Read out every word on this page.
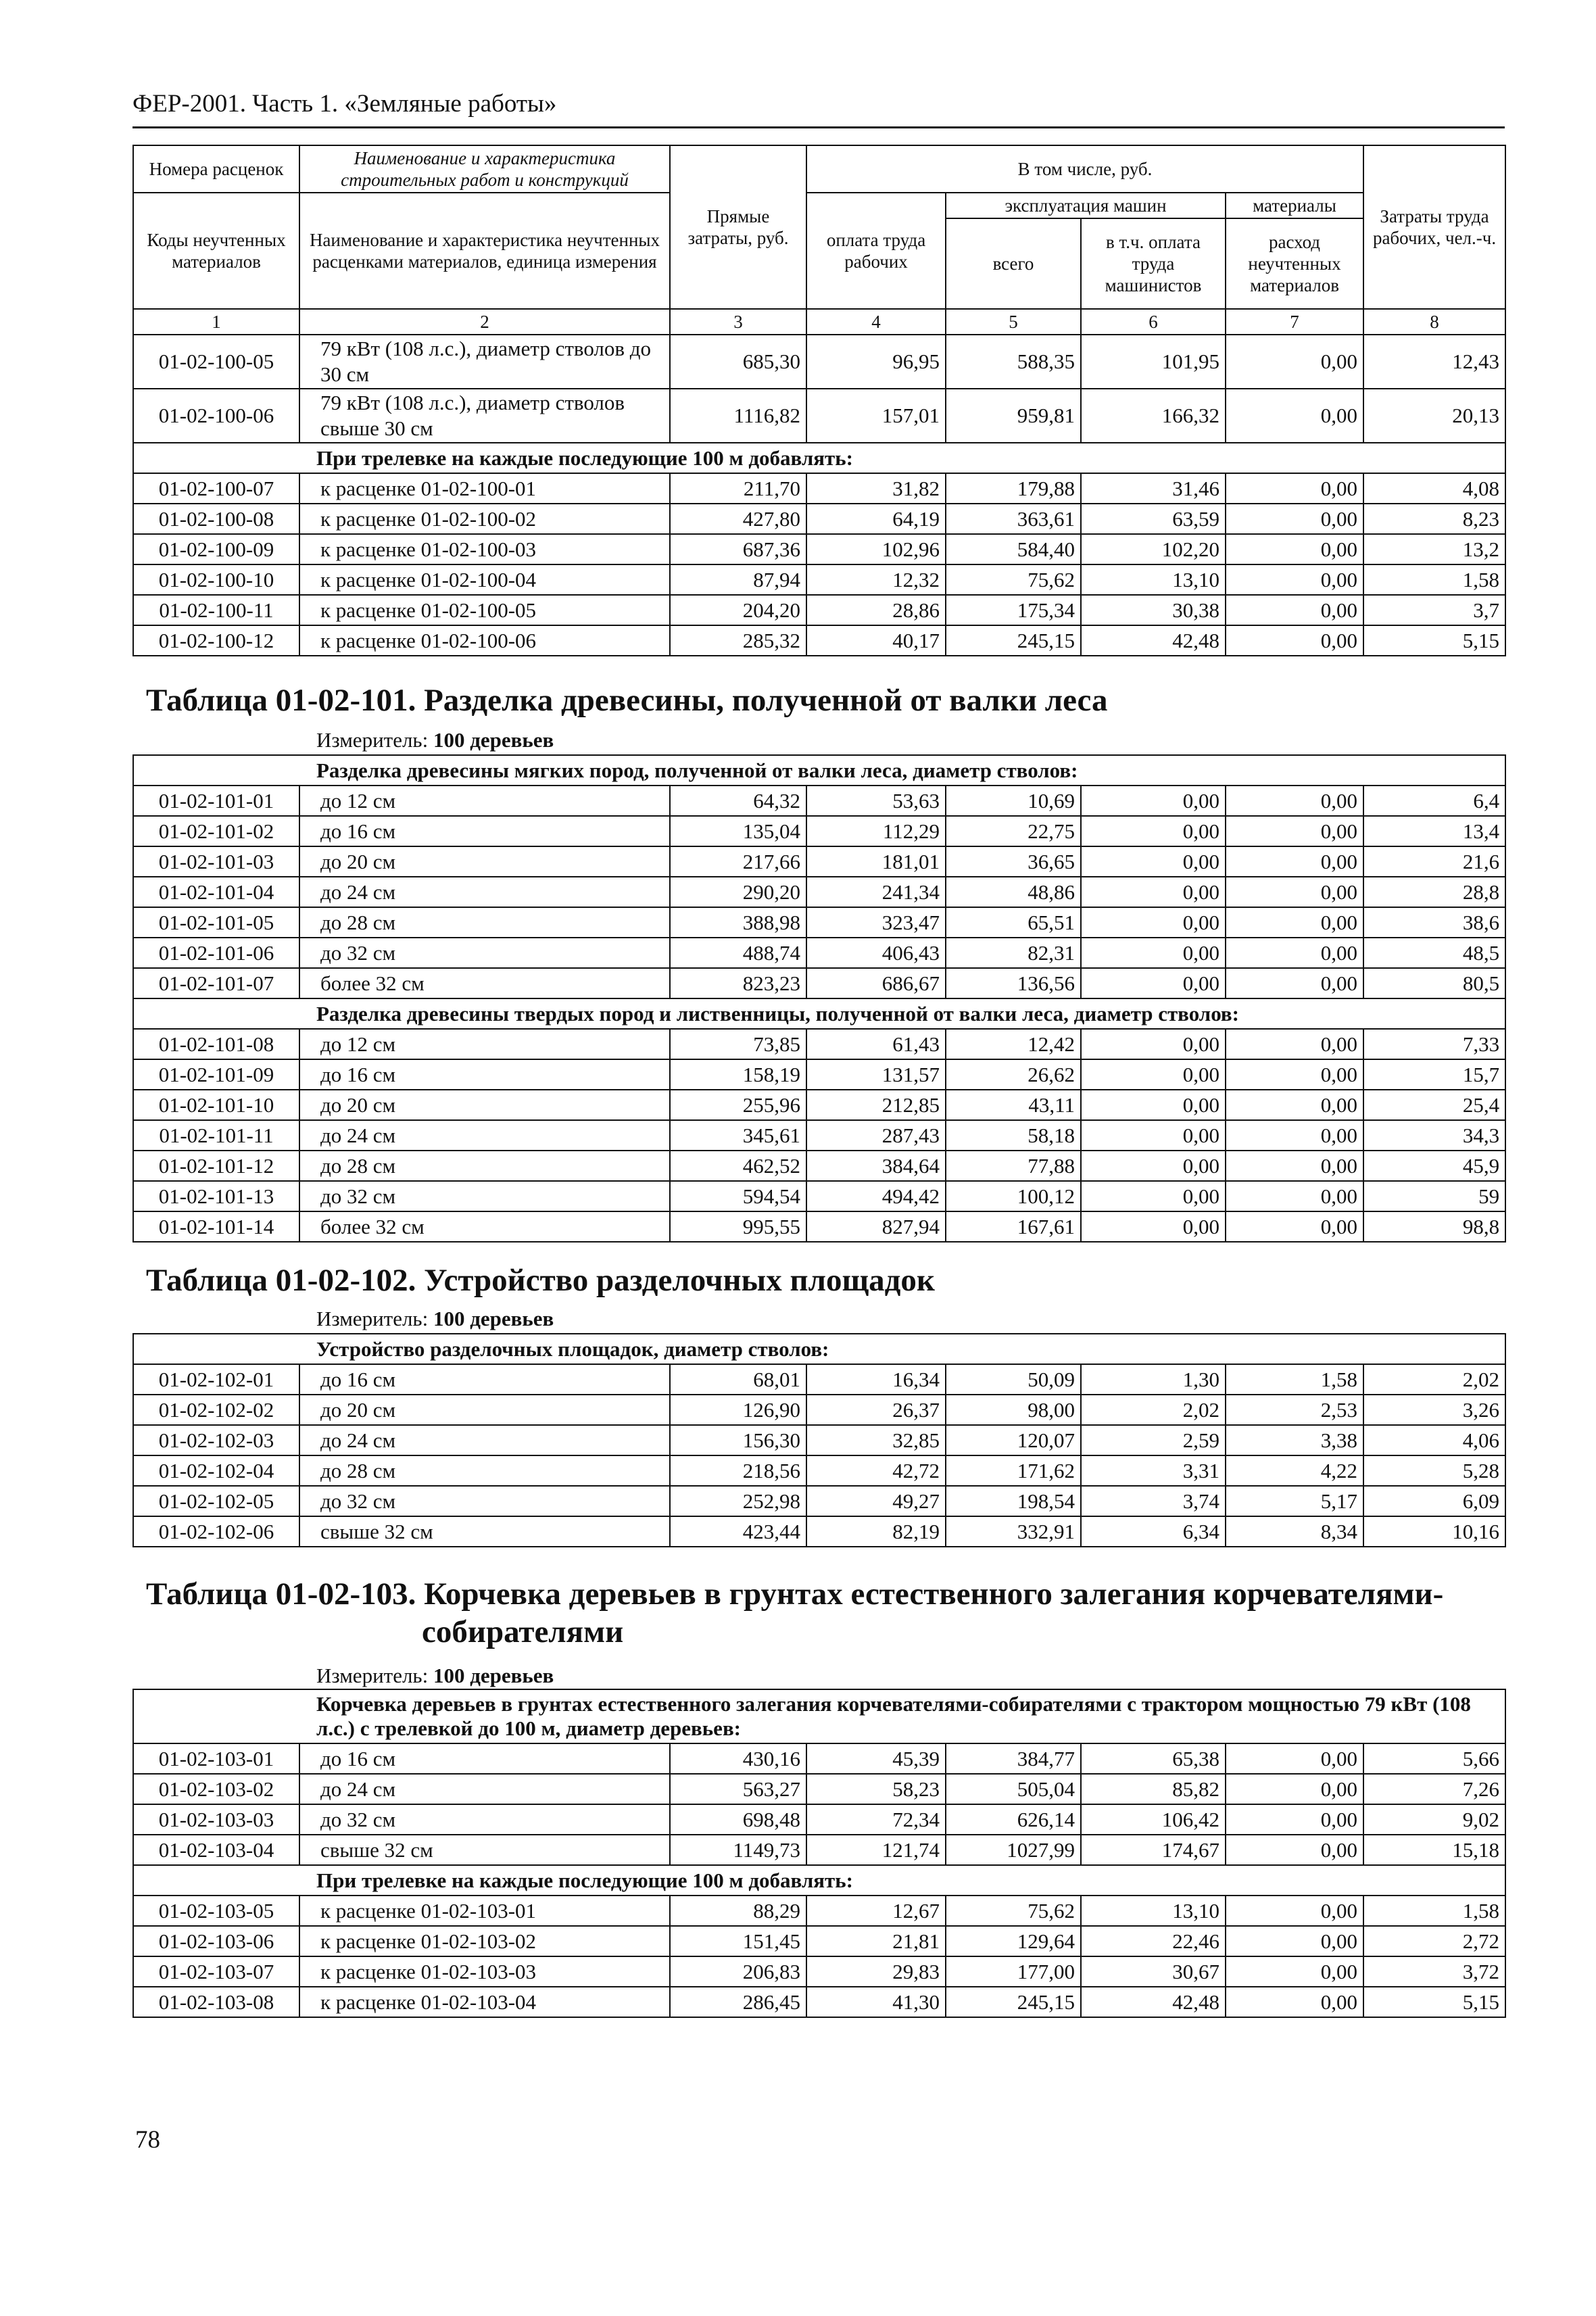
ФЕР-2001. Часть 1. «Земляные работы»
Номера расценок	Наименование и характеристика строительных работ и конструкций	Прямые затраты, руб.	В том числе, руб.				Затраты труда рабочих, чел.-ч.
Коды неучтенных материалов	Наименование и характеристика неучтенных расценками материалов, единица измерения		оплата труда рабочих	эксплуатация машин		материалы	
				всего	в т.ч. оплата труда машинистов	расход неучтенных материалов	
1	2	3	4	5	6	7	8
01-02-100-05	79 кВт (108 л.с.), диаметр стволов до 30 см	685,30	96,95	588,35	101,95	0,00	12,43
01-02-100-06	79 кВт (108 л.с.), диаметр стволов свыше 30 см	1116,82	157,01	959,81	166,32	0,00	20,13
При трелевке на каждые последующие 100 м добавлять:							
01-02-100-07	к расценке 01-02-100-01	211,70	31,82	179,88	31,46	0,00	4,08
01-02-100-08	к расценке 01-02-100-02	427,80	64,19	363,61	63,59	0,00	8,23
01-02-100-09	к расценке 01-02-100-03	687,36	102,96	584,40	102,20	0,00	13,2
01-02-100-10	к расценке 01-02-100-04	87,94	12,32	75,62	13,10	0,00	1,58
01-02-100-11	к расценке 01-02-100-05	204,20	28,86	175,34	30,38	0,00	3,7
01-02-100-12	к расценке 01-02-100-06	285,32	40,17	245,15	42,48	0,00	5,15
Таблица 01-02-101. Разделка древесины, полученной от валки леса
Измеритель: 100 деревьев
Разделка древесины мягких пород, полученной от валки леса, диаметр стволов:							
01-02-101-01	до 12 см	64,32	53,63	10,69	0,00	0,00	6,4
01-02-101-02	до 16 см	135,04	112,29	22,75	0,00	0,00	13,4
01-02-101-03	до 20 см	217,66	181,01	36,65	0,00	0,00	21,6
01-02-101-04	до 24 см	290,20	241,34	48,86	0,00	0,00	28,8
01-02-101-05	до 28 см	388,98	323,47	65,51	0,00	0,00	38,6
01-02-101-06	до 32 см	488,74	406,43	82,31	0,00	0,00	48,5
01-02-101-07	более 32 см	823,23	686,67	136,56	0,00	0,00	80,5
Разделка древесины твердых пород и лиственницы, полученной от валки леса, диаметр стволов:							
01-02-101-08	до 12 см	73,85	61,43	12,42	0,00	0,00	7,33
01-02-101-09	до 16 см	158,19	131,57	26,62	0,00	0,00	15,7
01-02-101-10	до 20 см	255,96	212,85	43,11	0,00	0,00	25,4
01-02-101-11	до 24 см	345,61	287,43	58,18	0,00	0,00	34,3
01-02-101-12	до 28 см	462,52	384,64	77,88	0,00	0,00	45,9
01-02-101-13	до 32 см	594,54	494,42	100,12	0,00	0,00	59
01-02-101-14	более 32 см	995,55	827,94	167,61	0,00	0,00	98,8
Таблица 01-02-102. Устройство разделочных площадок
Измеритель: 100 деревьев
Устройство разделочных площадок, диаметр стволов:							
01-02-102-01	до 16 см	68,01	16,34	50,09	1,30	1,58	2,02
01-02-102-02	до 20 см	126,90	26,37	98,00	2,02	2,53	3,26
01-02-102-03	до 24 см	156,30	32,85	120,07	2,59	3,38	4,06
01-02-102-04	до 28 см	218,56	42,72	171,62	3,31	4,22	5,28
01-02-102-05	до 32 см	252,98	49,27	198,54	3,74	5,17	6,09
01-02-102-06	свыше 32 см	423,44	82,19	332,91	6,34	8,34	10,16
Таблица 01-02-103. Корчевка деревьев в грунтах естественного залегания корчевателями-
собирателями
Измеритель: 100 деревьев
Корчевка деревьев в грунтах естественного залегания корчевателями-собирателями с трактором мощностью 79 кВт (108 л.с.) с трелевкой до 100 м, диаметр деревьев:							
01-02-103-01	до 16 см	430,16	45,39	384,77	65,38	0,00	5,66
01-02-103-02	до 24 см	563,27	58,23	505,04	85,82	0,00	7,26
01-02-103-03	до 32 см	698,48	72,34	626,14	106,42	0,00	9,02
01-02-103-04	свыше 32 см	1149,73	121,74	1027,99	174,67	0,00	15,18
При трелевке на каждые последующие 100 м добавлять:							
01-02-103-05	к расценке 01-02-103-01	88,29	12,67	75,62	13,10	0,00	1,58
01-02-103-06	к расценке 01-02-103-02	151,45	21,81	129,64	22,46	0,00	2,72
01-02-103-07	к расценке 01-02-103-03	206,83	29,83	177,00	30,67	0,00	3,72
01-02-103-08	к расценке 01-02-103-04	286,45	41,30	245,15	42,48	0,00	5,15
78
